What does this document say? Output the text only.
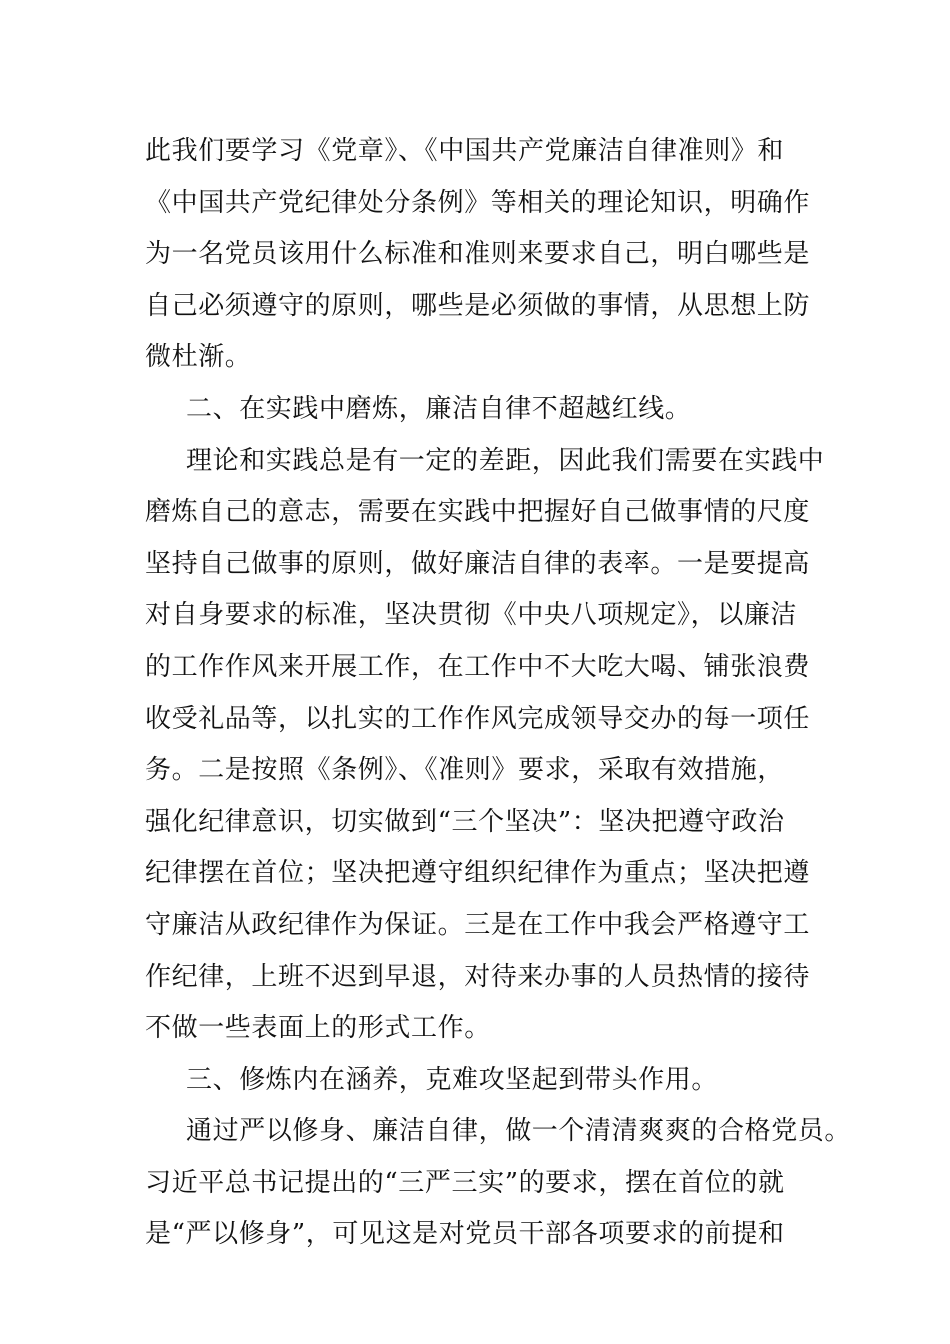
此我们要学习《党章》、《中国共产党廉洁自律准则》和
《中国共产党纪律处分条例》等相关的理论知识，明确作
为一名党员该用什么标准和准则来要求自己，明白哪些是
自己必须遵守的原则，哪些是必须做的事情，从思想上防
微杜渐。
二、在实践中磨炼，廉洁自律不超越红线。
理论和实践总是有一定的差距，因此我们需要在实践中
磨炼自己的意志，需要在实践中把握好自己做事情的尺度
坚持自己做事的原则，做好廉洁自律的表率。一是要提高
对自身要求的标准，坚决贯彻《中央八项规定》，以廉洁
的工作作风来开展工作，在工作中不大吃大喝、铺张浪费
收受礼品等，以扎实的工作作风完成领导交办的每一项任
务。二是按照《条例》、《准则》要求，采取有效措施，
强化纪律意识，切实做到“三个坚决”：坚决把遵守政治
纪律摆在首位；坚决把遵守组织纪律作为重点；坚决把遵
守廉洁从政纪律作为保证。三是在工作中我会严格遵守工
作纪律，上班不迟到早退，对待来办事的人员热情的接待
不做一些表面上的形式工作。
三、修炼内在涵养，克难攻坚起到带头作用。
通过严以修身、廉洁自律，做一个清清爽爽的合格党员。
习近平总书记提出的“三严三实”的要求，摆在首位的就
是“严以修身”，可见这是对党员干部各项要求的前提和
